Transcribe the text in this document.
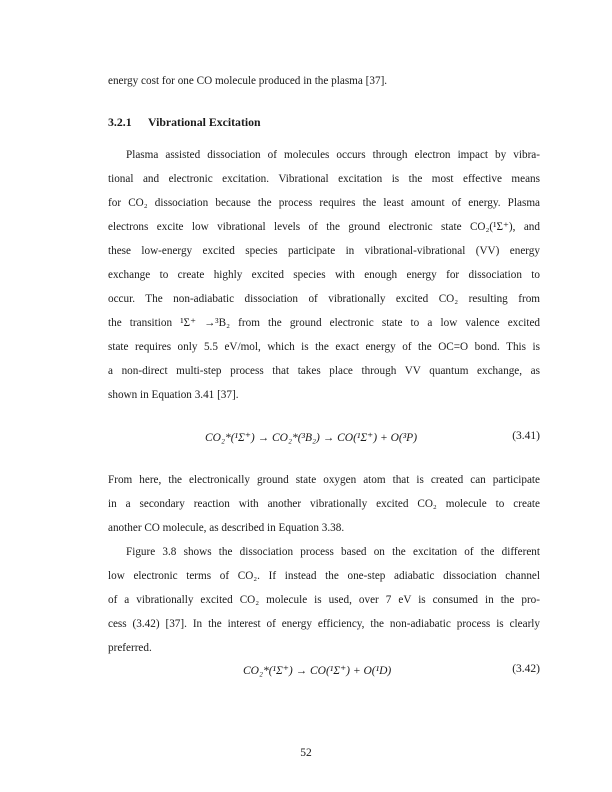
energy cost for one CO molecule produced in the plasma [37].
3.2.1 Vibrational Excitation
Plasma assisted dissociation of molecules occurs through electron impact by vibra-
tional and electronic excitation. Vibrational excitation is the most effective means
for CO₂ dissociation because the process requires the least amount of energy. Plasma
electrons excite low vibrational levels of the ground electronic state CO₂(¹Σ⁺), and
these low-energy excited species participate in vibrational-vibrational (VV) energy
exchange to create highly excited species with enough energy for dissociation to
occur. The non-adiabatic dissociation of vibrationally excited CO₂ resulting from
the transition ¹Σ⁺ →³B₂ from the ground electronic state to a low valence excited
state requires only 5.5 eV/mol, which is the exact energy of the OC=O bond. This is
a non-direct multi-step process that takes place through VV quantum exchange, as
shown in Equation 3.41 [37].
CO₂*(¹Σ⁺) → CO₂*(³B₂) → CO(¹Σ⁺) + O(³P)	(3.41)
From here, the electronically ground state oxygen atom that is created can participate
in a secondary reaction with another vibrationally excited CO₂ molecule to create
another CO molecule, as described in Equation 3.38.
Figure 3.8 shows the dissociation process based on the excitation of the different
low electronic terms of CO₂. If instead the one-step adiabatic dissociation channel
of a vibrationally excited CO₂ molecule is used, over 7 eV is consumed in the pro-
cess (3.42) [37]. In the interest of energy efficiency, the non-adiabatic process is clearly
preferred.
CO₂*(¹Σ⁺) → CO(¹Σ⁺) + O(¹D)	(3.42)
52
